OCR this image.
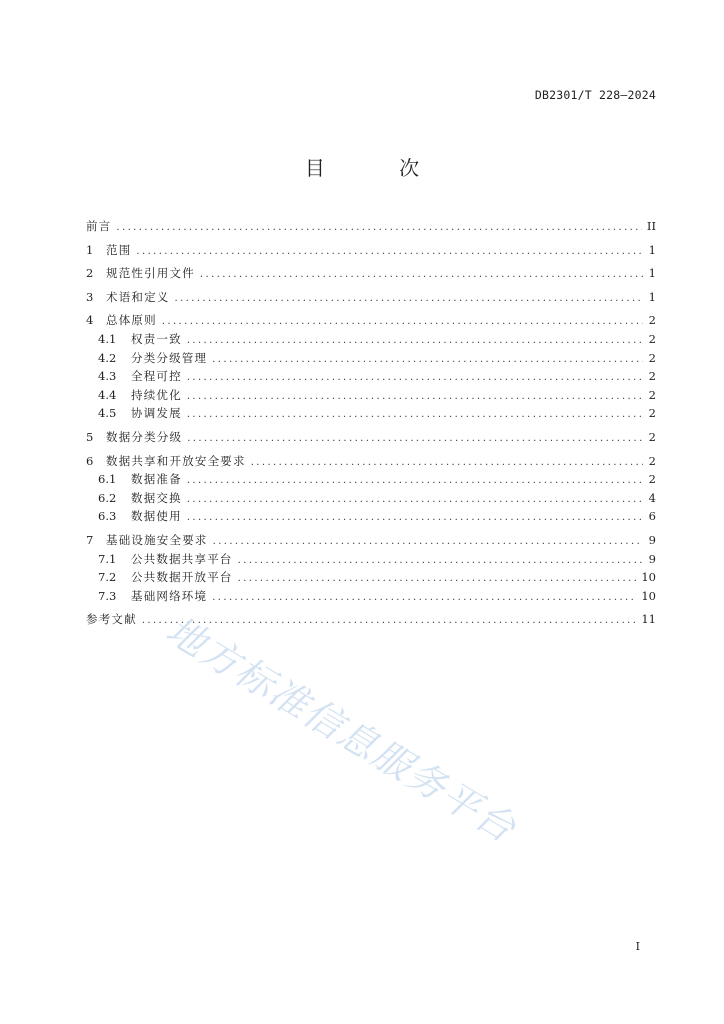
DB2301/T 228—2024
目 次
前言 .....	II
1	范围 .....	1
2	规范性引用文件 .....	1
3	术语和定义 .....	1
4	总体原则 .....	2
4.1	权责一致 .....	2
4.2	分类分级管理 .....	2
4.3	全程可控 .....	2
4.4	持续优化 .....	2
4.5	协调发展 .....	2
5	数据分类分级 .....	2
6	数据共享和开放安全要求 .....	2
6.1	数据准备 .....	2
6.2	数据交换 .....	4
6.3	数据使用 .....	6
7	基础设施安全要求 .....	9
7.1	公共数据共享平台 .....	9
7.2	公共数据开放平台 .....	10
7.3	基础网络环境 .....	10
参考文献 .....	11
地方标准信息服务平台
I
